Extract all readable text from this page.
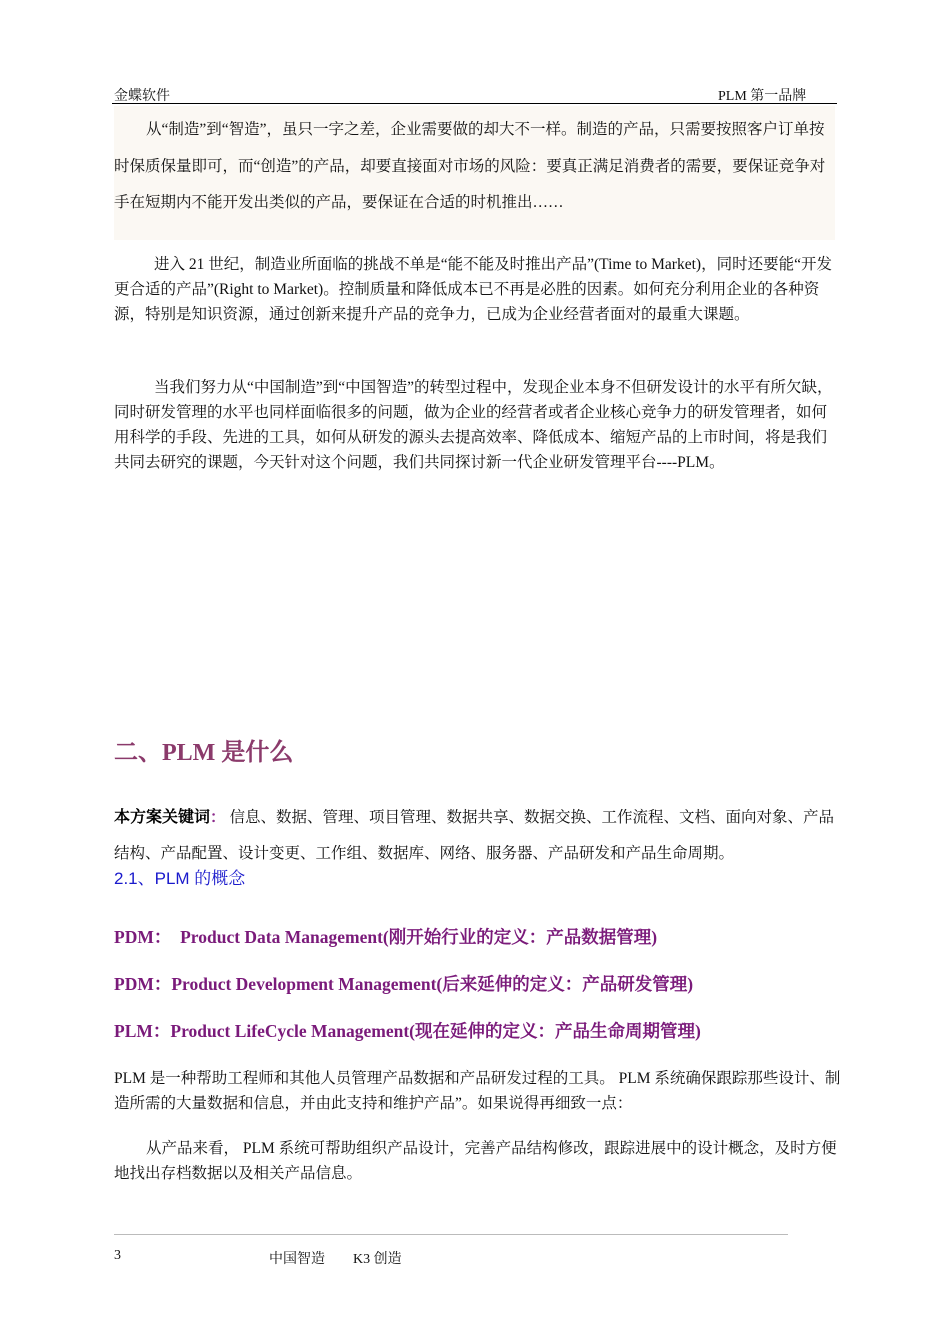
金蝶软件	PLM 第一品牌
从“制造”到“智造”，虽只一字之差，企业需要做的却大不一样。制造的产品，只需要按照客户订单按时保质保量即可，而“创造”的产品，却要直接面对市场的风险：要真正满足消费者的需要，要保证竞争对手在短期内不能开发出类似的产品，要保证在合适的时机推出……
进入 21 世纪，制造业所面临的挑战不单是“能不能及时推出产品”(Time to Market)，同时还要能“开发更合适的产品”(Right to Market)。控制质量和降低成本已不再是必胜的因素。如何充分利用企业的各种资源，特别是知识资源，通过创新来提升产品的竞争力，已成为企业经营者面对的最重大课题。
当我们努力从“中国制造”到“中国智造”的转型过程中，发现企业本身不但研发设计的水平有所欠缺，同时研发管理的水平也同样面临很多的问题，做为企业的经营者或者企业核心竞争力的研发管理者，如何用科学的手段、先进的工具，如何从研发的源头去提高效率、降低成本、缩短产品的上市时间，将是我们共同去研究的课题，今天针对这个问题，我们共同探讨新一代企业研发管理平台----PLM。
二、PLM 是什么
本方案关键词： 信息、数据、管理、项目管理、数据共享、数据交换、工作流程、文档、面向对象、产品结构、产品配置、设计变更、工作组、数据库、网络、服务器、产品研发和产品生命周期。
2.1、PLM 的概念
PDM：　Product Data Management(刚开始行业的定义：产品数据管理)
PDM：Product Development Management(后来延伸的定义：产品研发管理)
PLM：Product LifeCycle Management(现在延伸的定义：产品生命周期管理)
PLM 是一种帮助工程师和其他人员管理产品数据和产品研发过程的工具。 PLM 系统确保跟踪那些设计、制造所需的大量数据和信息，并由此支持和维护产品”。如果说得再细致一点：
从产品来看， PLM 系统可帮助组织产品设计，完善产品结构修改，跟踪进展中的设计概念，及时方便地找出存档数据以及相关产品信息。
3	中国智造　　K3 创造
